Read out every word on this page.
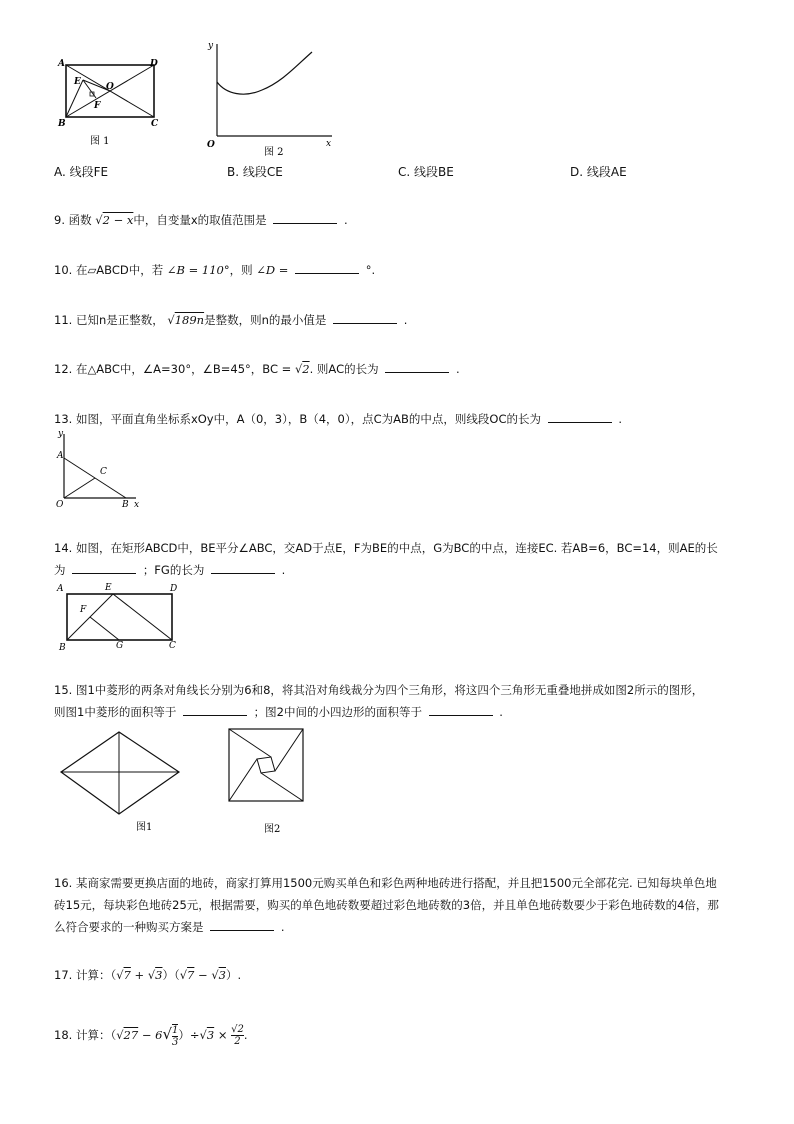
A	D
B	C
E	O
F
图 1
y
x
O
图 2
A. 线段FE	B. 线段CE	C. 线段BE	D. 线段AE
9. 函数 √2 − x中，自变量x的取值范围是	.
10. 在▱ABCD中，若 ∠B = 110°，则 ∠D =	°.
11. 已知n是正整数， √189n是整数，则n的最小值是	.
12. 在△ABC中，∠A=30°，∠B=45°，BC = √2. 则AC的长为	.
13. 如图，平面直角坐标系xOy中，A（0，3），B（4，0），点C为AB的中点，则线段OC的长为	.
y
A
C
O	B x
14. 如图，在矩形ABCD中，BE平分∠ABC，交AD于点E，F为BE的中点，G为BC的中点，连接EC. 若AB=6，BC=14，则AE的长
为	；FG的长为	.
A	E	D
F
B	G	C
15. 图1中菱形的两条对角线长分别为6和8，将其沿对角线裁分为四个三角形，将这四个三角形无重叠地拼成如图2所示的图形，
则图1中菱形的面积等于	；图2中间的小四边形的面积等于	.
图1	图2
16. 某商家需要更换店面的地砖，商家打算用1500元购买单色和彩色两种地砖进行搭配，并且把1500元全部花完. 已知每块单色地
砖15元，每块彩色地砖25元，根据需要，购买的单色地砖数要超过彩色地砖数的3倍，并且单色地砖数要少于彩色地砖数的4倍，那
么符合要求的一种购买方案是	.
17. 计算：（√7 + √3）（√7 − √3）.
18. 计算：$(√27 - 6√ \frac{1}{3} )\div√3 \times \frac{√2}{2}$ .
